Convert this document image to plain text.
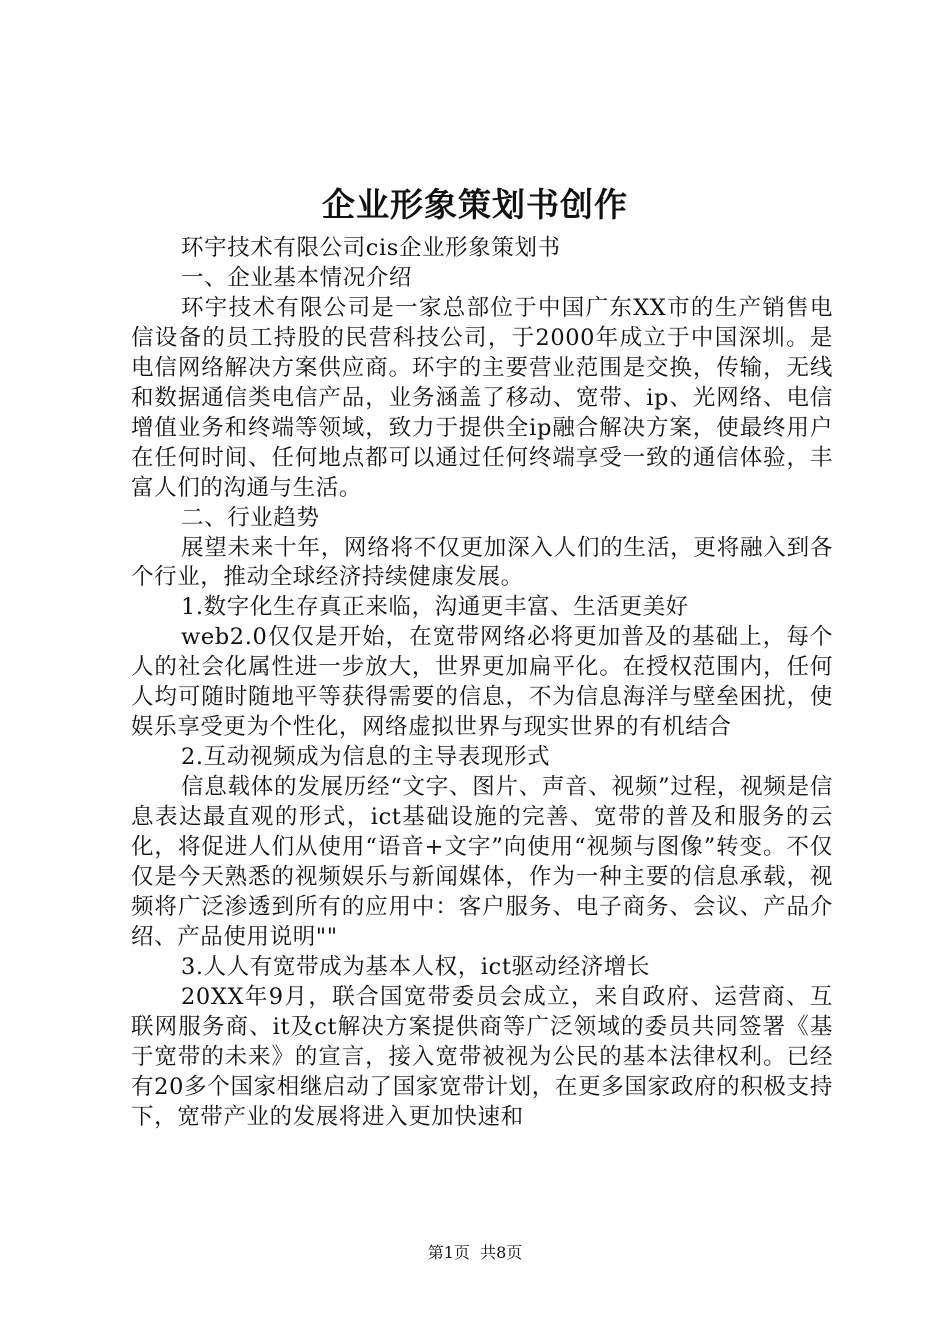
企业形象策划书创作

环宇技术有限公司cis企业形象策划书

一、企业基本情况介绍

环宇技术有限公司是一家总部位于中国广东XX市的生产销售电信设备的员工持股的民营科技公司，于2000年成立于中国深圳。是电信网络解决方案供应商。环宇的主要营业范围是交换，传输，无线和数据通信类电信产品，业务涵盖了移动、宽带、ip、光网络、电信增值业务和终端等领域，致力于提供全ip融合解决方案，使最终用户在任何时间、任何地点都可以通过任何终端享受一致的通信体验，丰富人们的沟通与生活。

二、行业趋势

展望未来十年，网络将不仅更加深入人们的生活，更将融入到各个行业，推动全球经济持续健康发展。

1.数字化生存真正来临，沟通更丰富、生活更美好

web2.0仅仅是开始，在宽带网络必将更加普及的基础上，每个人的社会化属性进一步放大，世界更加扁平化。在授权范围内，任何人均可随时随地平等获得需要的信息，不为信息海洋与壁垒困扰，使娱乐享受更为个性化，网络虚拟世界与现实世界的有机结合

2.互动视频成为信息的主导表现形式

信息载体的发展历经“文字、图片、声音、视频”过程，视频是信息表达最直观的形式，ict基础设施的完善、宽带的普及和服务的云化，将促进人们从使用“语音+文字”向使用“视频与图像”转变。不仅仅是今天熟悉的视频娱乐与新闻媒体，作为一种主要的信息承载，视频将广泛渗透到所有的应用中：客户服务、电子商务、会议、产品介绍、产品使用说明""

3.人人有宽带成为基本人权，ict驱动经济增长

20XX年9月，联合国宽带委员会成立，来自政府、运营商、互联网服务商、it及ct解决方案提供商等广泛领域的委员共同签署《基于宽带的未来》的宣言，接入宽带被视为公民的基本法律权利。已经有20多个国家相继启动了国家宽带计划，在更多国家政府的积极支持下，宽带产业的发展将进入更加快速和

第1页 共8页
